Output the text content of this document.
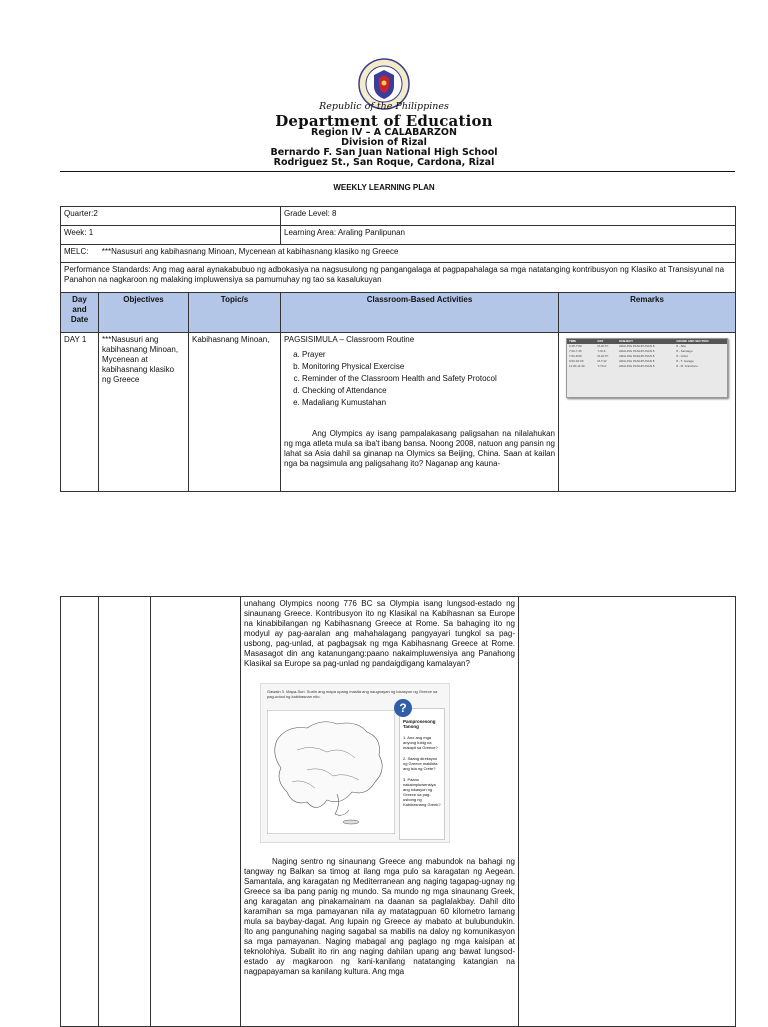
Republic of the Philippines
Department of Education
Region IV – A CALABARZON
Division of Rizal
Bernardo F. San Juan National High School
Rodriguez St., San Roque, Cardona, Rizal
WEEKLY LEARNING PLAN
Quarter:2	Grade Level: 8
Week: 1	Learning Area: Araling Panlipunan
MELC: ***Nasusuri ang kabihasnang Minoan, Mycenean at kabihasnang klasiko ng Greece
Performance Standards: Ang mag aaral aynakabubuo ng adbokasiya na nagsusulong ng pangangalaga at pagpapahalaga sa mga natatanging kontribusyon ng Klasiko at Transisyunal na Panahon na nagkaroon ng malaking impluwensiya sa pamumuhay ng tao sa kasalukuyan
Day and Date	Objectives	Topic/s	Classroom-Based Activities	Remarks
DAY 1	***Nasusuri ang kabihasnang Minoan, Mycenean at kabihasnang klasiko ng Greece	Kabihasnang Minoan,	PAGSISIMULA – Classroom Routine
a. Prayer
b. Monitoring Physical Exercise
c. Reminder of the Classroom Health and Safety Protocol
d. Checking of Attendance
e. Madaliang Kumustahan
Ang Olympics ay isang pampalakasang paligsahan na nilalahukan ng mga atleta mula sa iba't ibang bansa. Noong 2008, natuon ang pansin ng lahat sa Asia dahil sa ginanap na Olymics sa Beijing, China. Saan at kailan nga ba nagsimula ang paligsahang ito? Naganap ang kauna-

TIME	DAY	SUBJECT	GRADE AND SECTION
6:15-7:00	M-W-Th	ARALING PANLIPUNAN 8	8 - Sila
7:00-7:45	T-W-F	ARALING PANLIPUNAN 8	8 - Santiago
7:00-8:00	M-W-Th	ARALING PANLIPUNAN 8	8 - Gizal
9:00-10:00	M-T-W	ARALING PANLIPUNAN 8	8 - T. Garage
11:00-11:30	T-Th-F	ARALING PANLIPUNAN 8	8 - M. Francisco

unahang Olympics noong 776 BC sa Olympia isang lungsod-estado ng sinaunang Greece. Kontribusyon ito ng Klasikal na Kabihasnan sa Europe na kinabibilangan ng Kabihasnang Greece at Rome. Sa bahaging ito ng modyul ay pag-aaralan ang mahahalagang pangyayari tungkol sa pag-usbong, pag-unlad, at pagbagsak ng mga Kabihasnang Greece at Rome. Masasagot din ang katanungang:paano nakaimpluwensiya ang Panahong Klasikal sa Europe sa pag-unlad ng pandaigdigang kamalayan?
Gawain 3. Mapa-Suri. Suriin ang mapa upang masita ang naugnayan ng lokasyon ng Greece sa pag-unlad ng kabihasnan nito.
?
Pamprosesong Tanong
1. Ano ang mga anyong tubig na malapit sa Greece?
2. Saang direksyon ng Greece makikita ang isla ng Crete?
3. Paano nakaimpluwensiya ang lokasyon ng Greece sa pag-usbong ng Kabihasnang Greek?
Naging sentro ng sinaunang Greece ang mabundok na bahagi ng tangway ng Balkan sa timog at ilang mga pulo sa karagatan ng Aegean. Samantala, ang karagatan ng Mediterranean ang naging tagapag-ugnay ng Greece sa iba pang panig ng mundo. Sa mundo ng mga sinaunang Greek, ang karagatan ang pinakamainam na daanan sa paglalakbay. Dahil dito karamihan sa mga pamayanan nila ay matatagpuan 60 kilometro lamang mula sa baybay-dagat. Ang lupain ng Greece ay mabato at bulubundukin. Ito ang pangunahing naging sagabal sa mabilis na daloy ng komunikasyon sa mga pamayanan. Naging mabagal ang paglago ng mga kaisipan at teknolohiya. Subalit ito rin ang naging dahilan upang ang bawat lungsod-estado ay magkaroon ng kani-kanilang natatanging katangian na nagpapayaman sa kanilang kultura. Ang mga
